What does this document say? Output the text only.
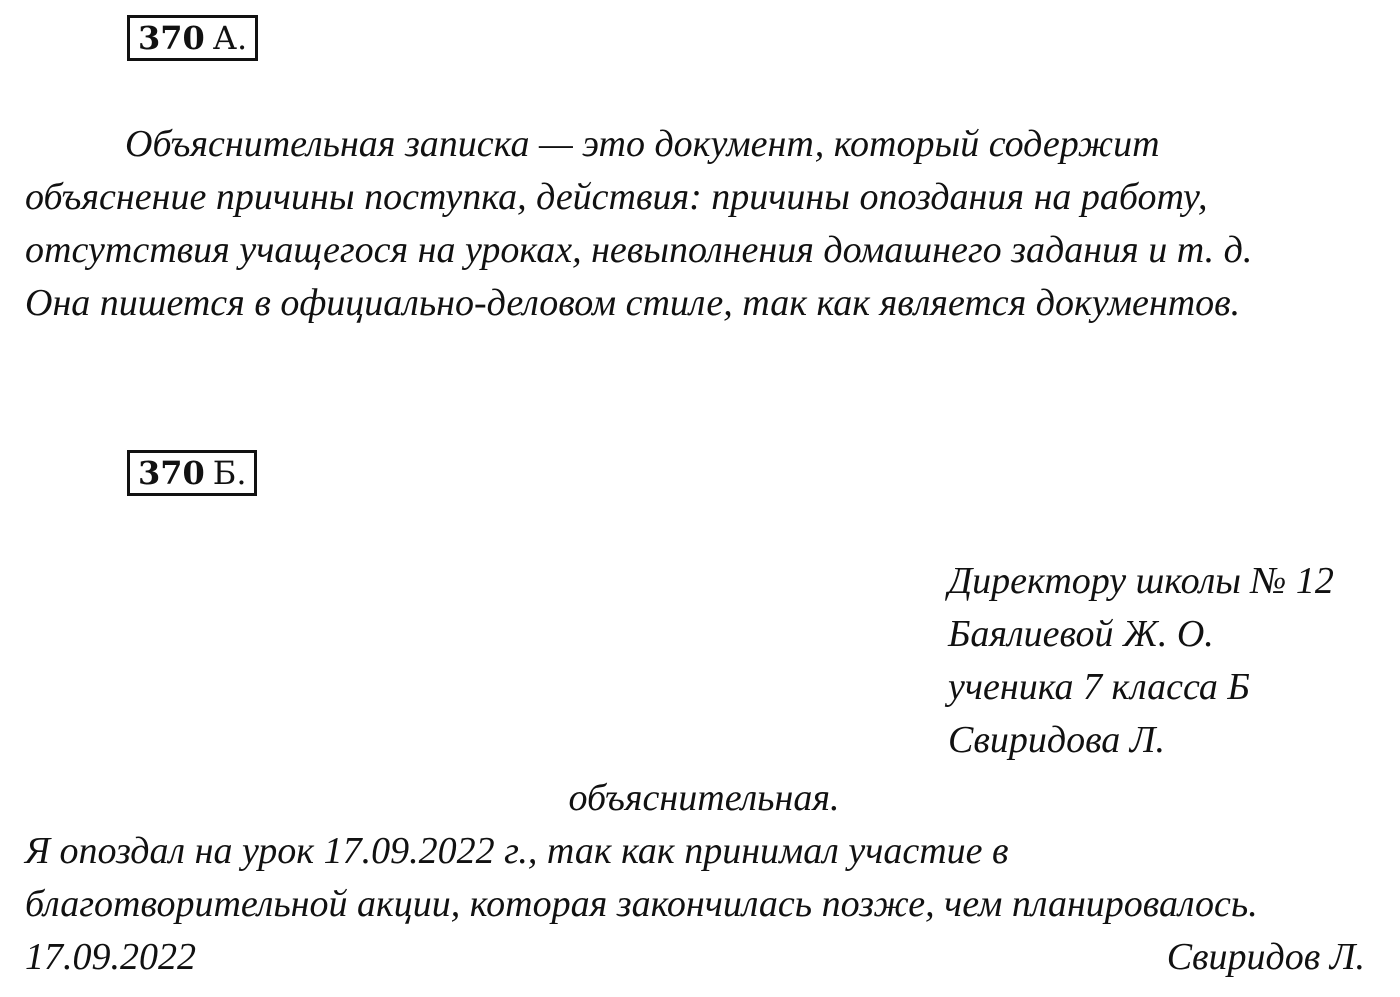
370 А.

Объяснительная записка — это документ, который содержит
объяснение причины поступка, действия: причины опоздания на работу,
отсутствия учащегося на уроках, невыполнения домашнего задания и т. д.
Она пишется в официально-деловом стиле, так как является документов.

370 Б.
Директору школы № 12
Баялиевой Ж. О.
ученика 7 класса Б
Свиридова Л.
объяснительная.

Я опоздал на урок 17.09.2022 г., так как принимал участие в
благотворительной акции, которая закончилась позже, чем планировалось.

17.09.2022	Свиридов Л.
